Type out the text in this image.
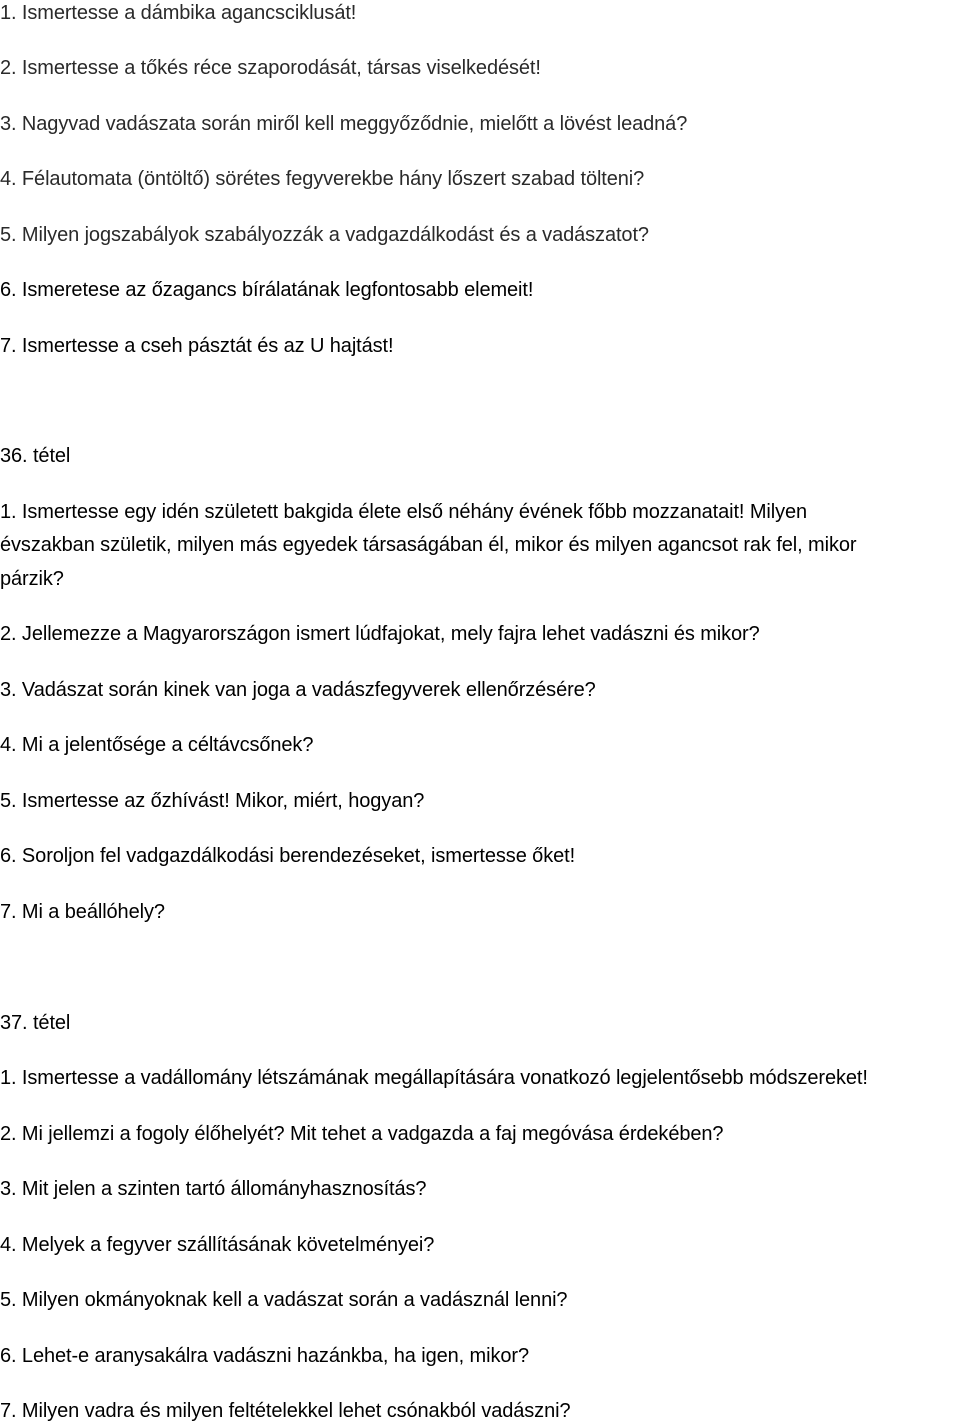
1. Ismertesse a dámbika agancsciklusát!
2. Ismertesse a tőkés réce szaporodását, társas viselkedését!
3. Nagyvad vadászata során miről kell meggyőződnie, mielőtt a lövést leadná?
4. Félautomata (öntöltő) sörétes fegyverekbe hány lőszert szabad tölteni?
5. Milyen jogszabályok szabályozzák a vadgazdálkodást és a vadászatot?
6. Ismeretese az őzagancs bírálatának legfontosabb elemeit!
7. Ismertesse a cseh pásztát és az U hajtást!
36. tétel
1. Ismertesse egy idén született bakgida élete első néhány évének főbb mozzanatait! Milyen
évszakban születik, milyen más egyedek társaságában él, mikor és milyen agancsot rak fel, mikor
párzik?
2. Jellemezze a Magyarországon ismert lúdfajokat, mely fajra lehet vadászni és mikor?
3. Vadászat során kinek van joga a vadászfegyverek ellenőrzésére?
4. Mi a jelentősége a céltávcsőnek?
5. Ismertesse az őzhívást! Mikor, miért, hogyan?
6. Soroljon fel vadgazdálkodási berendezéseket, ismertesse őket!
7. Mi a beállóhely?
37. tétel
1. Ismertesse a vadállomány létszámának megállapítására vonatkozó legjelentősebb módszereket!
2. Mi jellemzi a fogoly élőhelyét? Mit tehet a vadgazda a faj megóvása érdekében?
3. Mit jelen a szinten tartó állományhasznosítás?
4. Melyek a fegyver szállításának követelményei?
5. Milyen okmányoknak kell a vadászat során a vadásznál lenni?
6. Lehet-e aranysakálra vadászni hazánkba, ha igen, mikor?
7. Milyen vadra és milyen feltételekkel lehet csónakból vadászni?
